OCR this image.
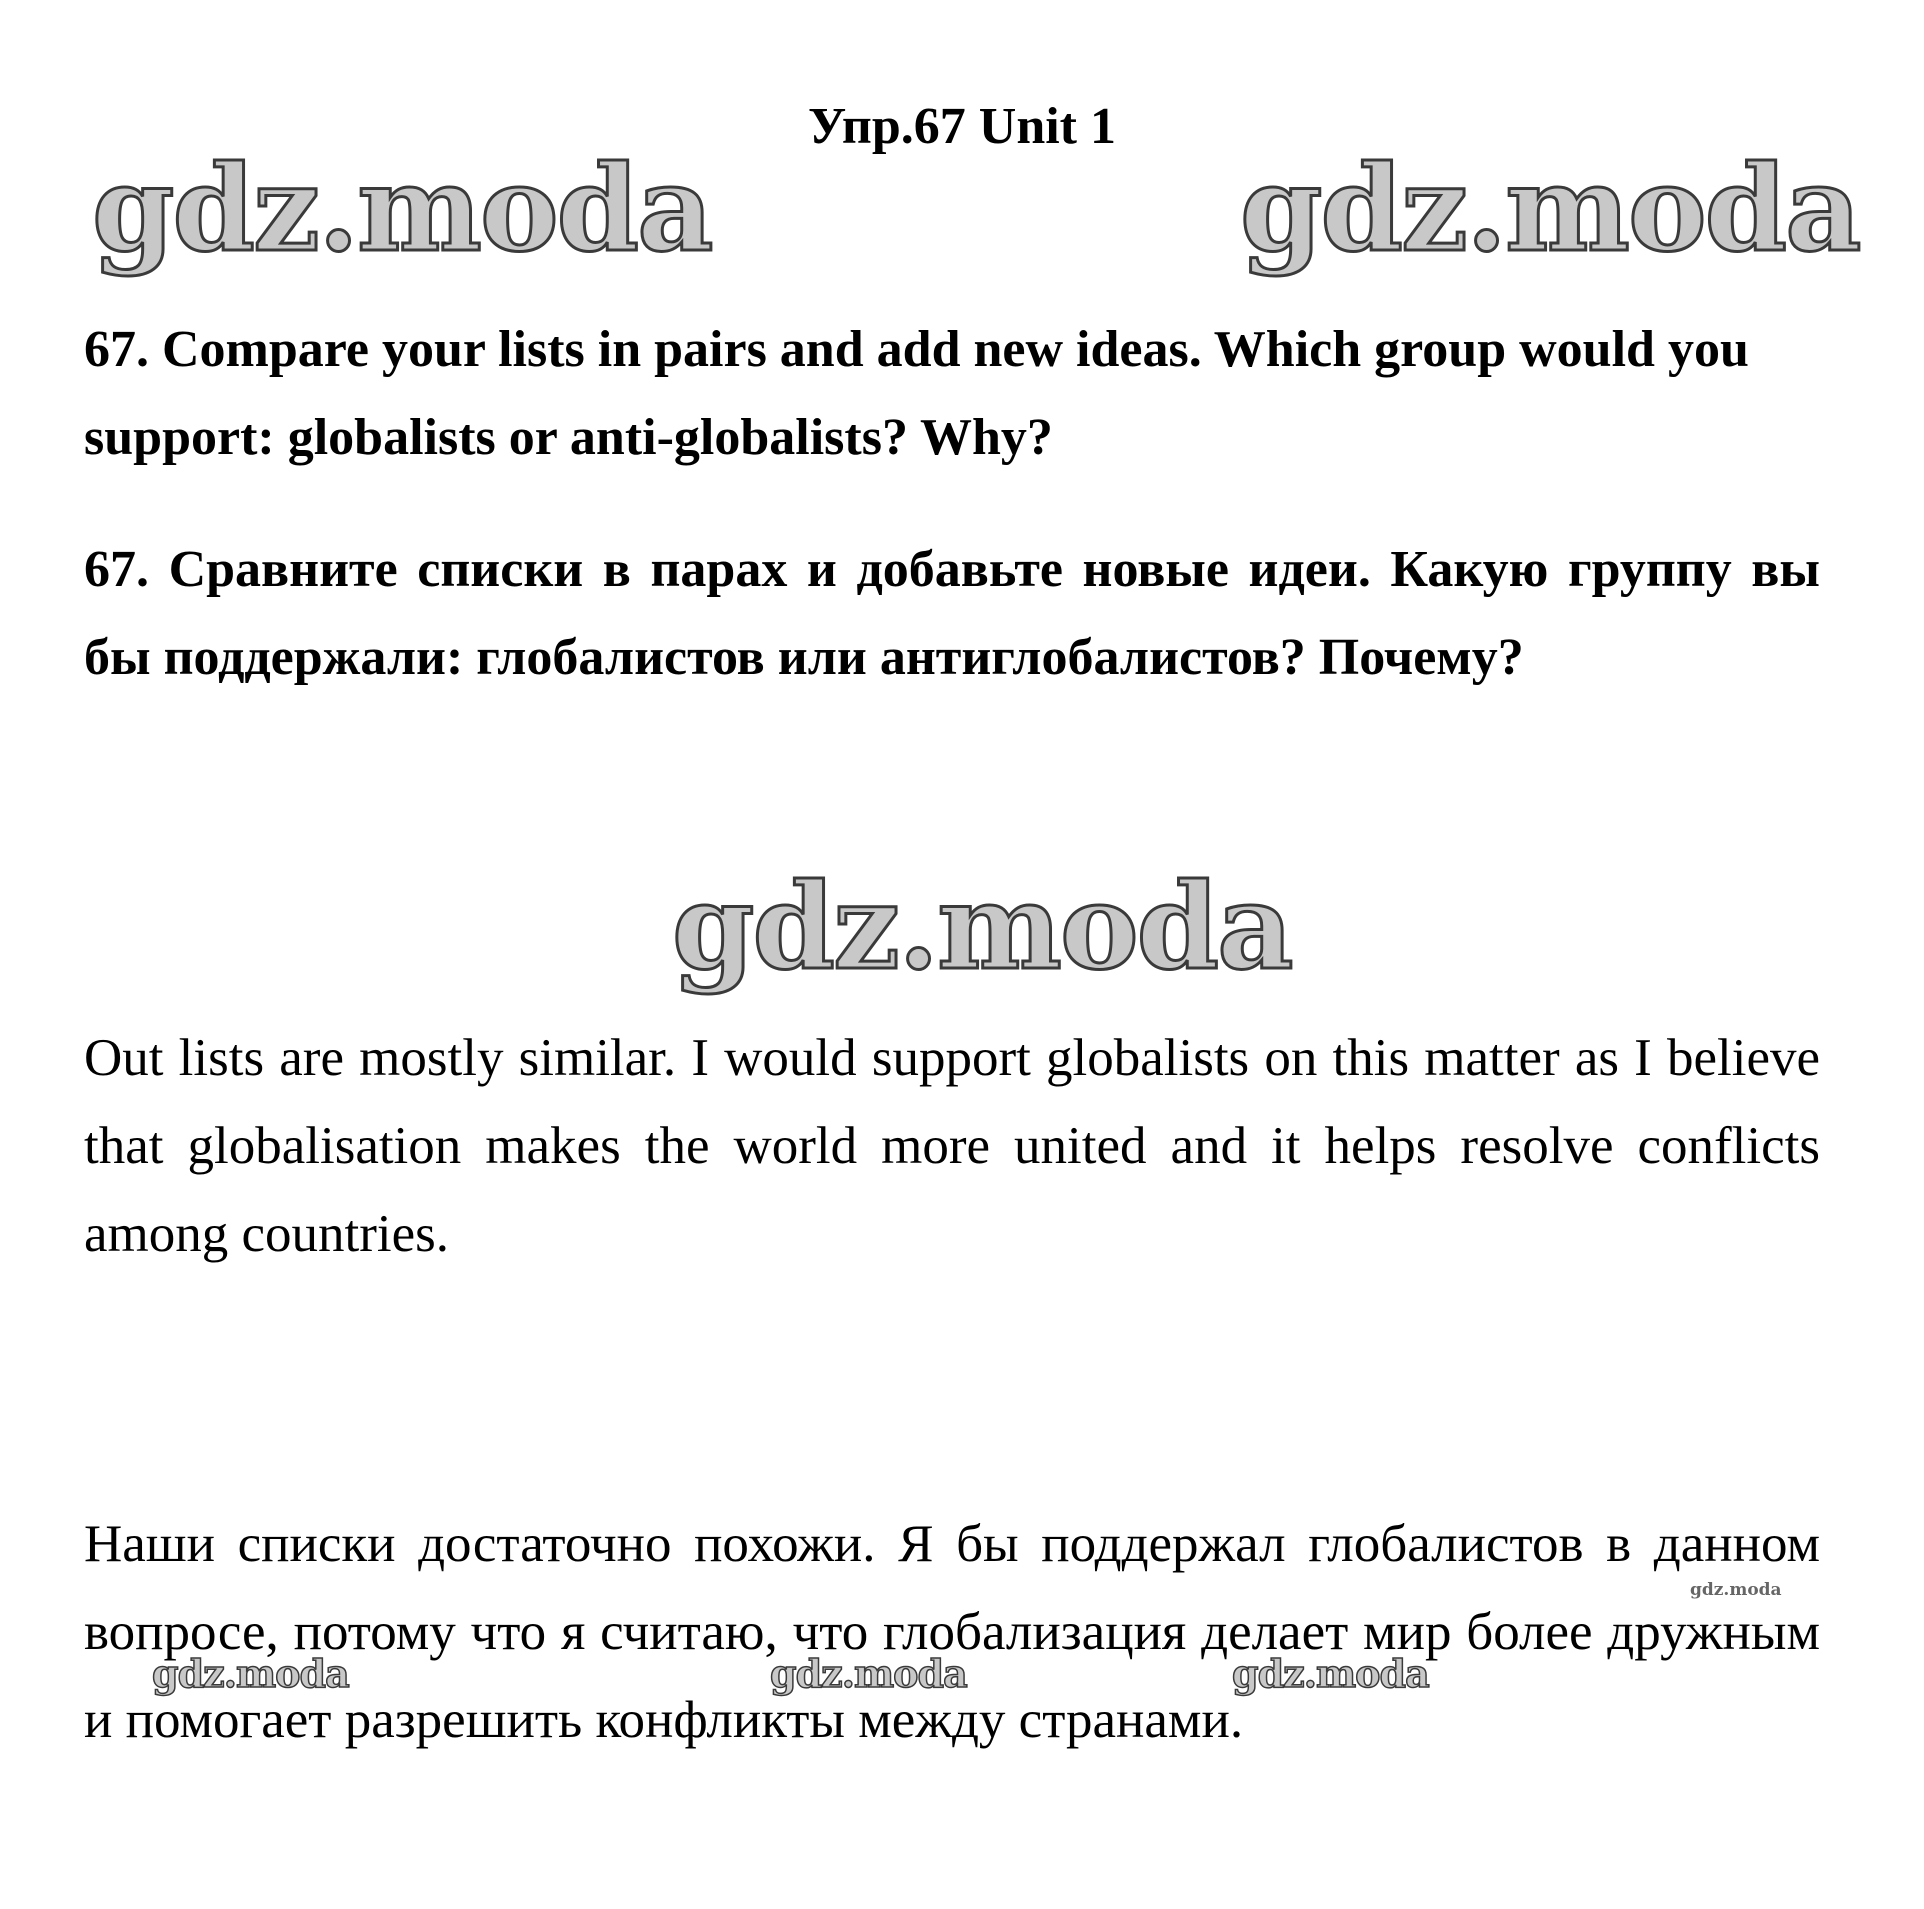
Упр.67 Unit 1
gdz.moda	gdz.moda
67. Compare your lists in pairs and add new ideas. Which group would you support: globalists or anti-globalists? Why?
67. Сравните списки в парах и добавьте новые идеи. Какую группу вы бы поддержали: глобалистов или антиглобалистов? Почему?
gdz.moda
Out lists are mostly similar. I would support globalists on this matter as I believe that globalisation makes the world more united and it helps resolve conflicts among countries.
Наши списки достаточно похожи. Я бы поддержал глобалистов в данном вопросе, потому что я считаю, что глобализация делает мир более дружным и помогает разрешить конфликты между странами.
gdz.moda
gdz.moda	gdz.moda	gdz.moda
